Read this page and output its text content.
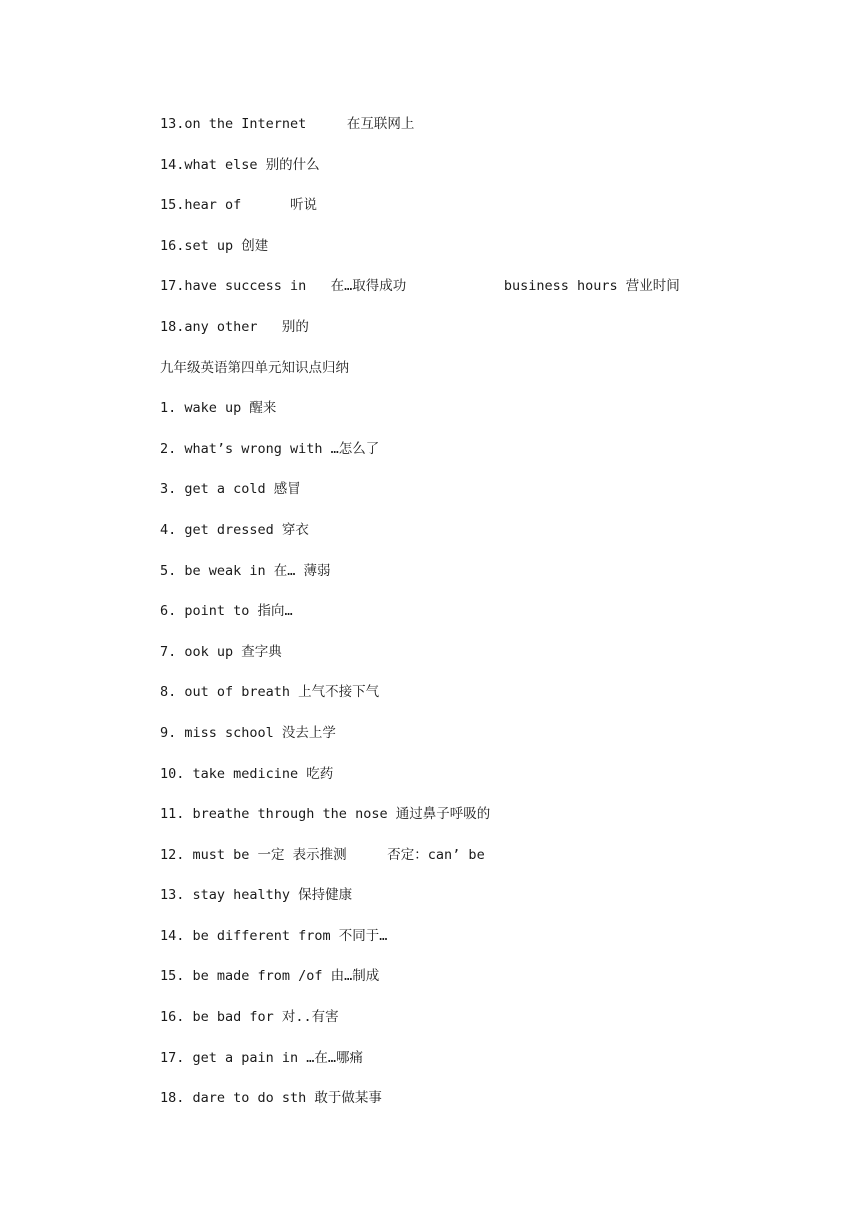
13.on the Internet     在互联网上
14.what else 别的什么
15.hear of      听说
16.set up 创建
17.have success in   在…取得成功            business hours 营业时间
18.any other   别的
九年级英语第四单元知识点归纳
1. wake up 醒来
2. what’s wrong with …怎么了
3. get a cold 感冒
4. get dressed 穿衣
5. be weak in 在… 薄弱
6. point to 指向…
7. ook up 查字典
8. out of breath 上气不接下气
9. miss school 没去上学
10. take medicine 吃药
11. breathe through the nose 通过鼻子呼吸的
12. must be 一定 表示推测     否定：can’ be
13. stay healthy 保持健康
14. be different from 不同于…
15. be made from /of 由…制成
16. be bad for 对..有害
17. get a pain in …在…哪痛
18. dare to do sth 敢于做某事
